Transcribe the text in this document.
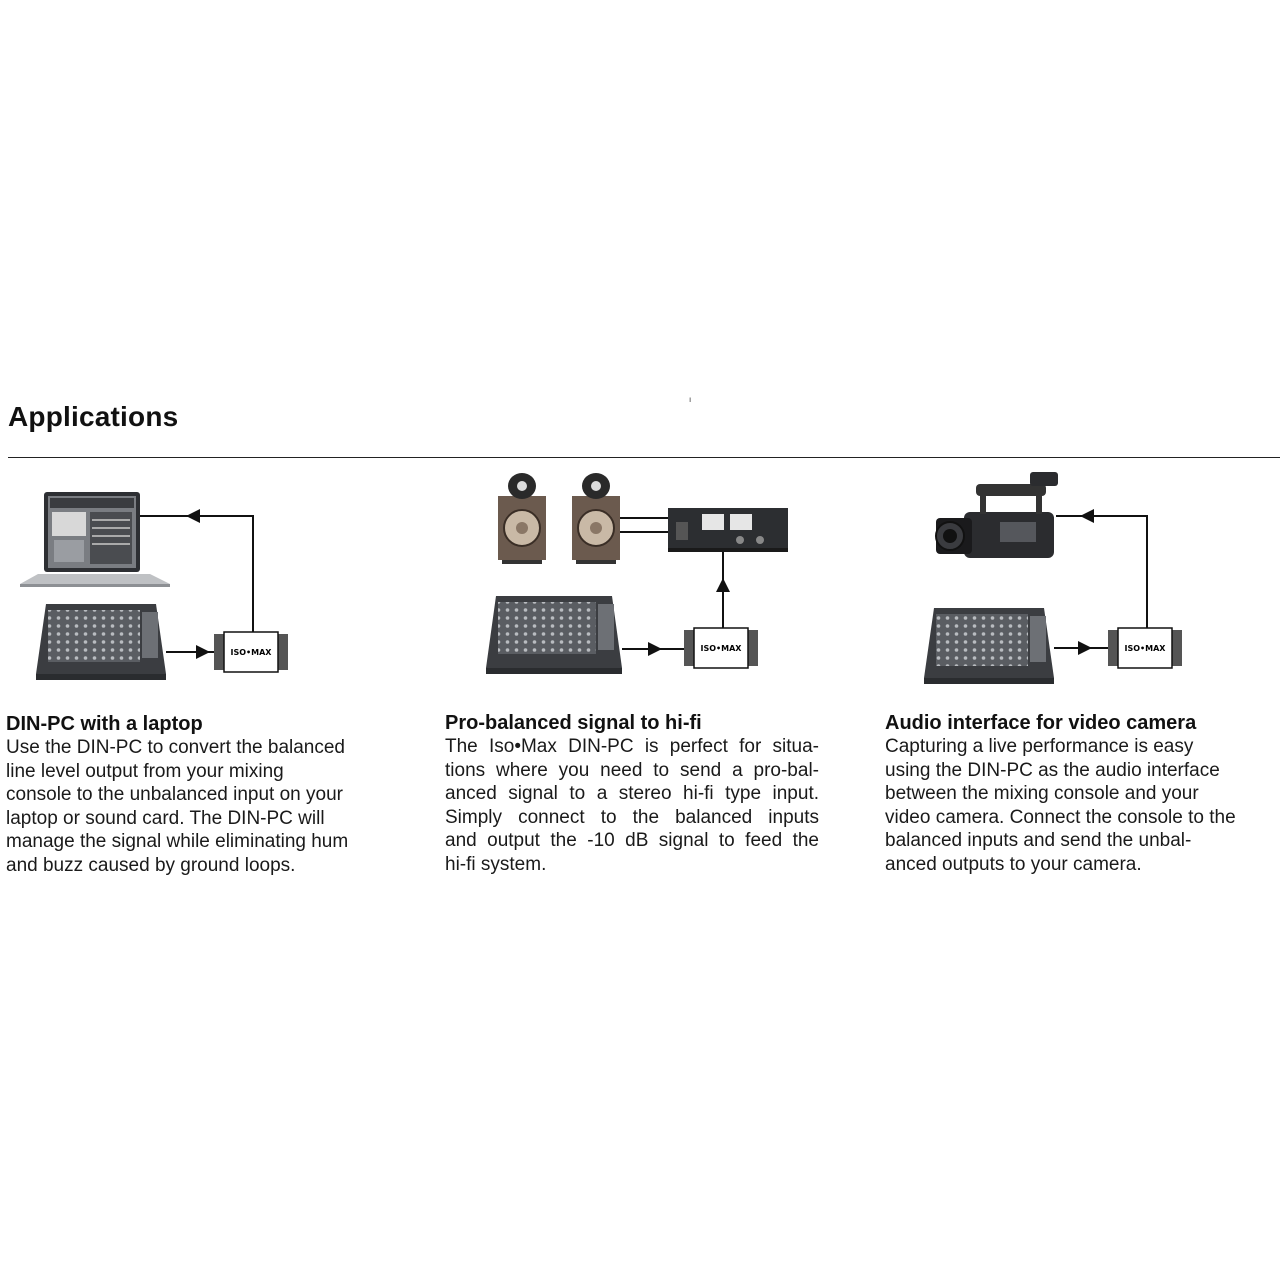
Applications
ı
ISO•MAX	ISO•MAX	ISO•MAX
DIN-PC with a laptop
Use the DIN-PC to convert the balanced
line level output from your mixing
console to the unbalanced input on your
laptop or sound card. The DIN-PC will
manage the signal while eliminating hum
and buzz caused by ground loops.
Pro-balanced signal to hi-fi
The Iso•Max DIN-PC is perfect for situa-
tions where you need to send a pro-bal-
anced signal to a stereo hi-fi type input.
Simply connect to the balanced inputs
and output the -10 dB signal to feed the
hi-fi system.
Audio interface for video camera
Capturing a live performance is easy
using the DIN-PC as the audio interface
between the mixing console and your
video camera. Connect the console to the
balanced inputs and send the unbal-
anced outputs to your camera.
